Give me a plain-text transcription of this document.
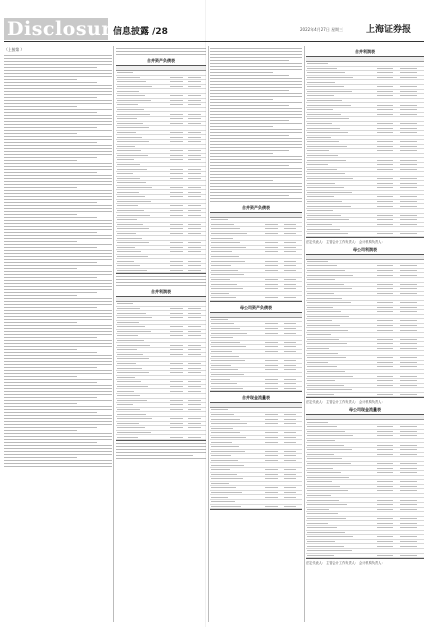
Disclosure
信息披露 /28	2022年4月27日 星期三	上海证券报
（上接第 ）
合并资产负债表
合并利润表
合并资产负债表
母公司资产负债表
合并现金流量表
合并利润表
法定代表人： 主管会计工作负责人： 会计机构负责人：
母公司利润表
法定代表人： 主管会计工作负责人： 会计机构负责人：
母公司现金流量表
法定代表人： 主管会计工作负责人： 会计机构负责人：
